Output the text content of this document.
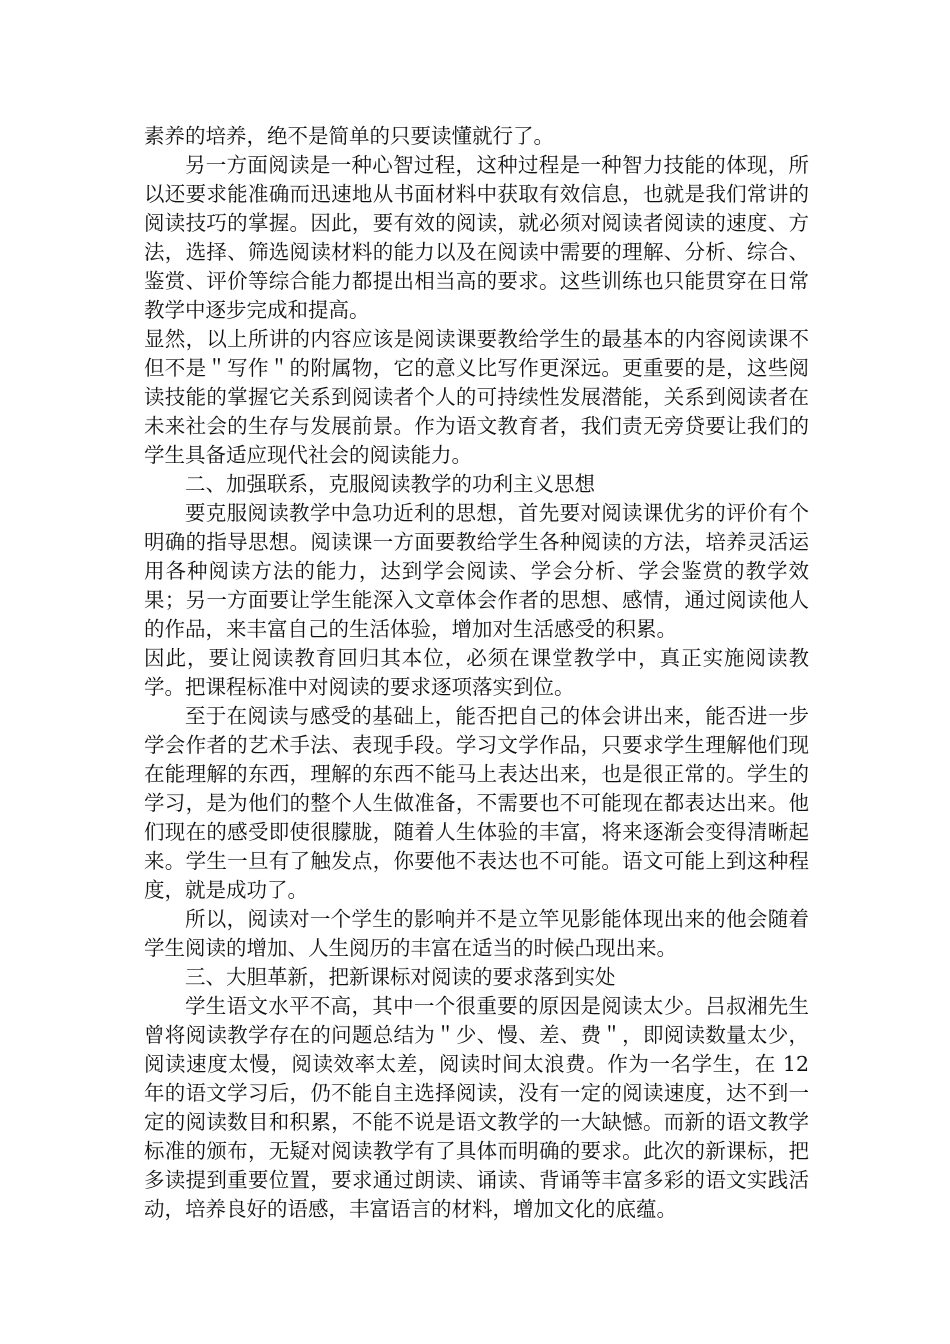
素养的培养，绝不是简单的只要读懂就行了。

另一方面阅读是一种心智过程，这种过程是一种智力技能的体现，所以还要求能准确而迅速地从书面材料中获取有效信息，也就是我们常讲的阅读技巧的掌握。因此，要有效的阅读，就必须对阅读者阅读的速度、方法，选择、筛选阅读材料的能力以及在阅读中需要的理解、分析、综合、鉴赏、评价等综合能力都提出相当高的要求。这些训练也只能贯穿在日常教学中逐步完成和提高。

显然，以上所讲的内容应该是阅读课要教给学生的最基本的内容阅读课不但不是＂写作＂的附属物，它的意义比写作更深远。更重要的是，这些阅读技能的掌握它关系到阅读者个人的可持续性发展潜能，关系到阅读者在未来社会的生存与发展前景。作为语文教育者，我们责无旁贷要让我们的学生具备适应现代社会的阅读能力。

二、加强联系，克服阅读教学的功利主义思想

要克服阅读教学中急功近利的思想，首先要对阅读课优劣的评价有个明确的指导思想。阅读课一方面要教给学生各种阅读的方法，培养灵活运用各种阅读方法的能力，达到学会阅读、学会分析、学会鉴赏的教学效果；另一方面要让学生能深入文章体会作者的思想、感情，通过阅读他人的作品，来丰富自己的生活体验，增加对生活感受的积累。

因此，要让阅读教育回归其本位，必须在课堂教学中，真正实施阅读教学。把课程标准中对阅读的要求逐项落实到位。

至于在阅读与感受的基础上，能否把自己的体会讲出来，能否进一步学会作者的艺术手法、表现手段。学习文学作品，只要求学生理解他们现在能理解的东西，理解的东西不能马上表达出来，也是很正常的。学生的学习，是为他们的整个人生做准备，不需要也不可能现在都表达出来。他们现在的感受即使很朦胧，随着人生体验的丰富，将来逐渐会变得清晰起来。学生一旦有了触发点，你要他不表达也不可能。语文可能上到这种程度，就是成功了。

所以，阅读对一个学生的影响并不是立竿见影能体现出来的他会随着学生阅读的增加、人生阅历的丰富在适当的时候凸现出来。

三、大胆革新，把新课标对阅读的要求落到实处

学生语文水平不高，其中一个很重要的原因是阅读太少。吕叔湘先生曾将阅读教学存在的问题总结为＂少、慢、差、费＂，即阅读数量太少，阅读速度太慢，阅读效率太差，阅读时间太浪费。作为一名学生，在 12 年的语文学习后，仍不能自主选择阅读，没有一定的阅读速度，达不到一定的阅读数目和积累，不能不说是语文教学的一大缺憾。而新的语文教学标准的颁布，无疑对阅读教学有了具体而明确的要求。此次的新课标，把多读提到重要位置，要求通过朗读、诵读、背诵等丰富多彩的语文实践活动，培养良好的语感，丰富语言的材料，增加文化的底蕴。
